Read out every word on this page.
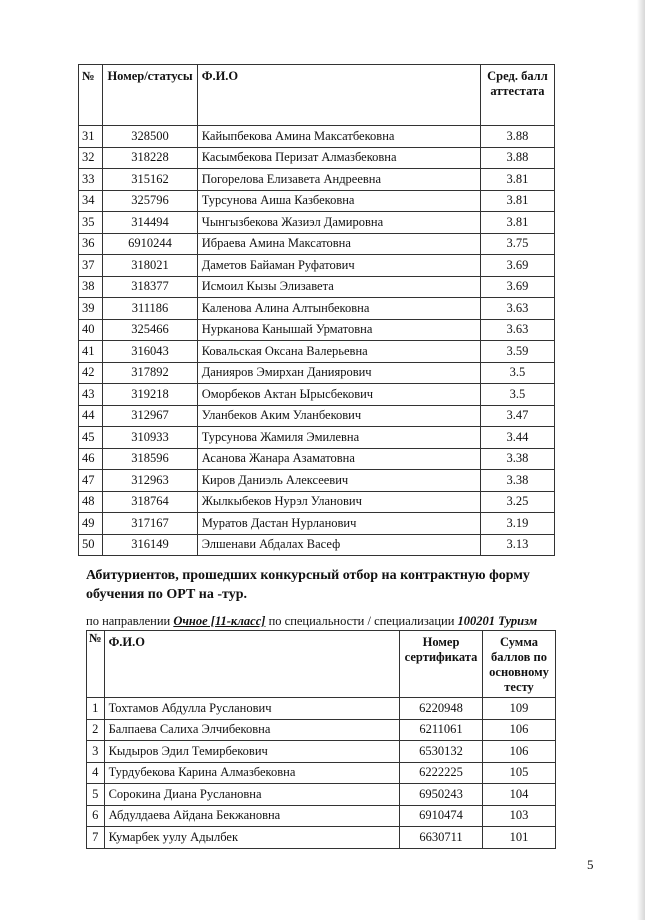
№	Номер/статусы	Ф.И.О	Сред. балл аттестата
31	328500	Кайыпбекова Амина Максатбековна	3.88
32	318228	Касымбекова Перизат Алмазбековна	3.88
33	315162	Погорелова Елизавета Андреевна	3.81
34	325796	Турсунова Аиша Казбековна	3.81
35	314494	Чынгызбекова Жазиэл Дамировна	3.81
36	6910244	Ибраева Амина Максатовна	3.75
37	318021	Даметов Байаман Руфатович	3.69
38	318377	Исмоил Кызы Элизавета	3.69
39	311186	Каленова Алина Алтынбековна	3.63
40	325466	Нурканова Канышай Урматовна	3.63
41	316043	Ковальская Оксана Валерьевна	3.59
42	317892	Данияров Эмирхан Даниярович	3.5
43	319218	Оморбеков Актан Ырысбекович	3.5
44	312967	Уланбеков Аким Уланбекович	3.47
45	310933	Турсунова Жамиля Эмилевна	3.44
46	318596	Асанова Жанара Азаматовна	3.38
47	312963	Киров Даниэль Алексеевич	3.38
48	318764	Жылкыбеков Нурэл Уланович	3.25
49	317167	Муратов Дастан Нурланович	3.19
50	316149	Элшенави Абдалах Васеф	3.13

Абитуриентов, прошедших конкурсный отбор на контрактную форму обучения по ОРТ на -тур.

по направлении Очное [11-класс] по специальности / специализации 100201 Туризм

№	Ф.И.О	Номер сертификата	Сумма баллов по основному тесту
1	Тохтамов Абдулла Русланович	6220948	109
2	Балпаева Салиха Элчибековна	6211061	106
3	Кыдыров Эдил Темирбекович	6530132	106
4	Турдубекова Карина Алмазбековна	6222225	105
5	Сорокина Диана Руслановна	6950243	104
6	Абдулдаева Айдана Бекжановна	6910474	103
7	Кумарбек уулу Адылбек	6630711	101

5
